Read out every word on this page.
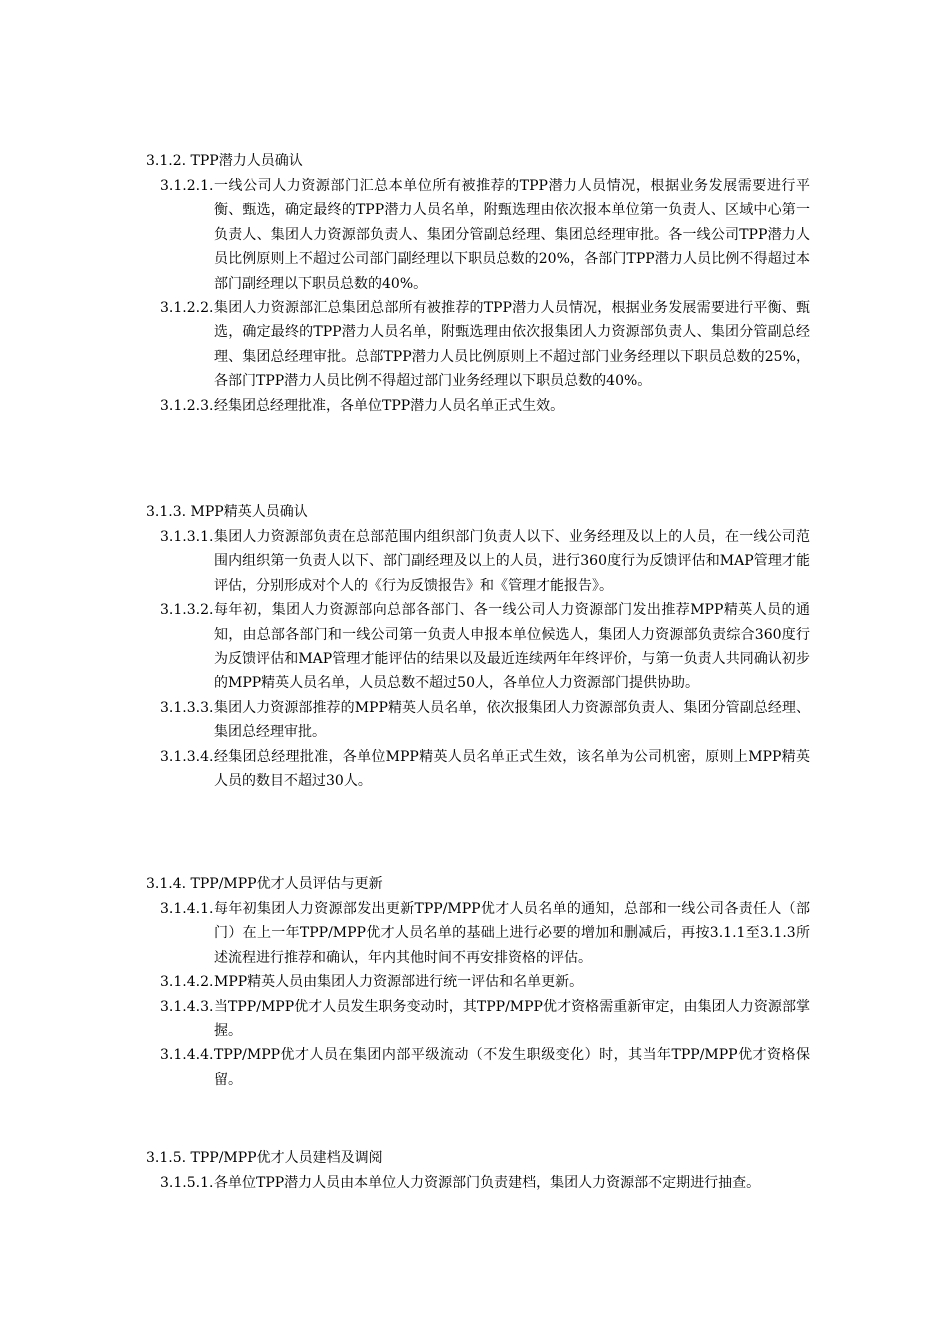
3.1.2. TPP潜力人员确认
3.1.2.1. 一线公司人力资源部门汇总本单位所有被推荐的TPP潜力人员情况，根据业务发展需要进行平衡、甄选，确定最终的TPP潜力人员名单，附甄选理由依次报本单位第一负责人、区域中心第一负责人、集团人力资源部负责人、集团分管副总经理、集团总经理审批。各一线公司TPP潜力人员比例原则上不超过公司部门副经理以下职员总数的20%，各部门TPP潜力人员比例不得超过本部门副经理以下职员总数的40%。
3.1.2.2. 集团人力资源部汇总集团总部所有被推荐的TPP潜力人员情况，根据业务发展需要进行平衡、甄选，确定最终的TPP潜力人员名单，附甄选理由依次报集团人力资源部负责人、集团分管副总经理、集团总经理审批。总部TPP潜力人员比例原则上不超过部门业务经理以下职员总数的25%，各部门TPP潜力人员比例不得超过部门业务经理以下职员总数的40%。
3.1.2.3. 经集团总经理批准，各单位TPP潜力人员名单正式生效。
3.1.3. MPP精英人员确认
3.1.3.1. 集团人力资源部负责在总部范围内组织部门负责人以下、业务经理及以上的人员，在一线公司范围内组织第一负责人以下、部门副经理及以上的人员，进行360度行为反馈评估和MAP管理才能评估，分别形成对个人的《行为反馈报告》和《管理才能报告》。
3.1.3.2. 每年初，集团人力资源部向总部各部门、各一线公司人力资源部门发出推荐MPP精英人员的通知，由总部各部门和一线公司第一负责人申报本单位候选人，集团人力资源部负责综合360度行为反馈评估和MAP管理才能评估的结果以及最近连续两年年终评价，与第一负责人共同确认初步的MPP精英人员名单，人员总数不超过50人，各单位人力资源部门提供协助。
3.1.3.3. 集团人力资源部推荐的MPP精英人员名单，依次报集团人力资源部负责人、集团分管副总经理、集团总经理审批。
3.1.3.4. 经集团总经理批准，各单位MPP精英人员名单正式生效，该名单为公司机密，原则上MPP精英人员的数目不超过30人。
3.1.4. TPP/MPP优才人员评估与更新
3.1.4.1. 每年初集团人力资源部发出更新TPP/MPP优才人员名单的通知，总部和一线公司各责任人（部门）在上一年TPP/MPP优才人员名单的基础上进行必要的增加和删减后，再按3.1.1至3.1.3所述流程进行推荐和确认，年内其他时间不再安排资格的评估。
3.1.4.2. MPP精英人员由集团人力资源部进行统一评估和名单更新。
3.1.4.3. 当TPP/MPP优才人员发生职务变动时，其TPP/MPP优才资格需重新审定，由集团人力资源部掌握。
3.1.4.4. TPP/MPP优才人员在集团内部平级流动（不发生职级变化）时，其当年TPP/MPP优才资格保留。
3.1.5. TPP/MPP优才人员建档及调阅
3.1.5.1. 各单位TPP潜力人员由本单位人力资源部门负责建档，集团人力资源部不定期进行抽查。
